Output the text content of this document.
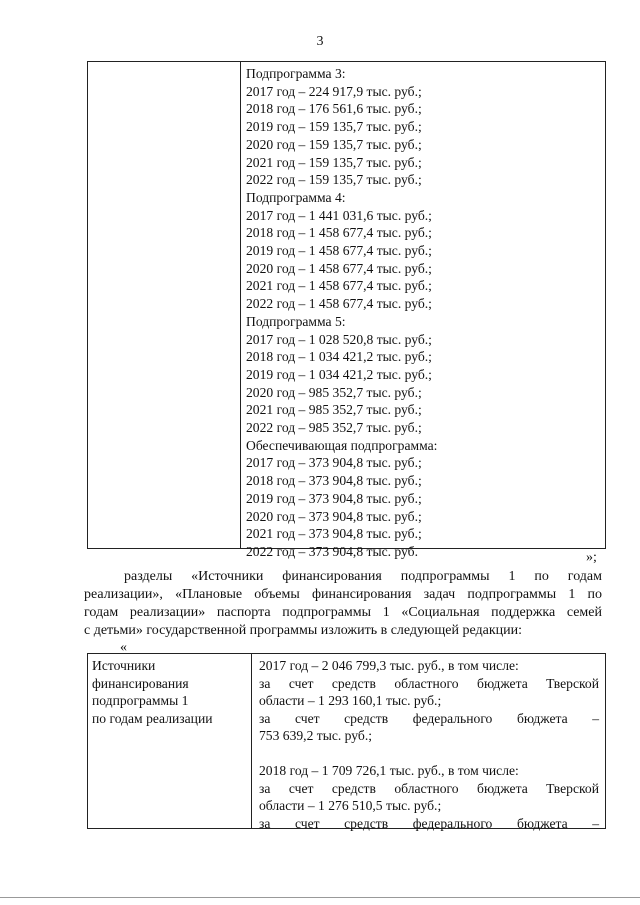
3
Подпрограмма 3:
2017 год – 224 917,9 тыс. руб.;
2018 год – 176 561,6 тыс. руб.;
2019 год – 159 135,7 тыс. руб.;
2020 год – 159 135,7 тыс. руб.;
2021 год – 159 135,7 тыс. руб.;
2022 год – 159 135,7 тыс. руб.;
Подпрограмма 4:
2017 год – 1 441 031,6 тыс. руб.;
2018 год – 1 458 677,4 тыс. руб.;
2019 год – 1 458 677,4 тыс. руб.;
2020 год – 1 458 677,4 тыс. руб.;
2021 год – 1 458 677,4 тыс. руб.;
2022 год – 1 458 677,4 тыс. руб.;
Подпрограмма 5:
2017 год – 1 028 520,8 тыс. руб.;
2018 год – 1 034 421,2 тыс. руб.;
2019 год – 1 034 421,2 тыс. руб.;
2020 год – 985 352,7 тыс. руб.;
2021 год – 985 352,7 тыс. руб.;
2022 год – 985 352,7 тыс. руб.;
Обеспечивающая подпрограмма:
2017 год – 373 904,8 тыс. руб.;
2018 год – 373 904,8 тыс. руб.;
2019 год – 373 904,8 тыс. руб.;
2020 год – 373 904,8 тыс. руб.;
2021 год – 373 904,8 тыс. руб.;
2022 год – 373 904,8 тыс. руб.	»;
разделы «Источники финансирования подпрограммы 1 по годам
реализации», «Плановые объемы финансирования задач подпрограммы 1 по
годам реализации» паспорта подпрограммы 1 «Социальная поддержка семей
с детьми» государственной программы изложить в следующей редакции:
«
Источники
финансирования
подпрограммы 1
по годам реализации
2017 год – 2 046 799,3 тыс. руб., в том числе:
за счет средств областного бюджета Тверской
области – 1 293 160,1 тыс. руб.;
за счет средств федерального бюджета –
753 639,2 тыс. руб.;
2018 год – 1 709 726,1 тыс. руб., в том числе:
за счет средств областного бюджета Тверской
области – 1 276 510,5 тыс. руб.;
за счет средств федерального бюджета –
